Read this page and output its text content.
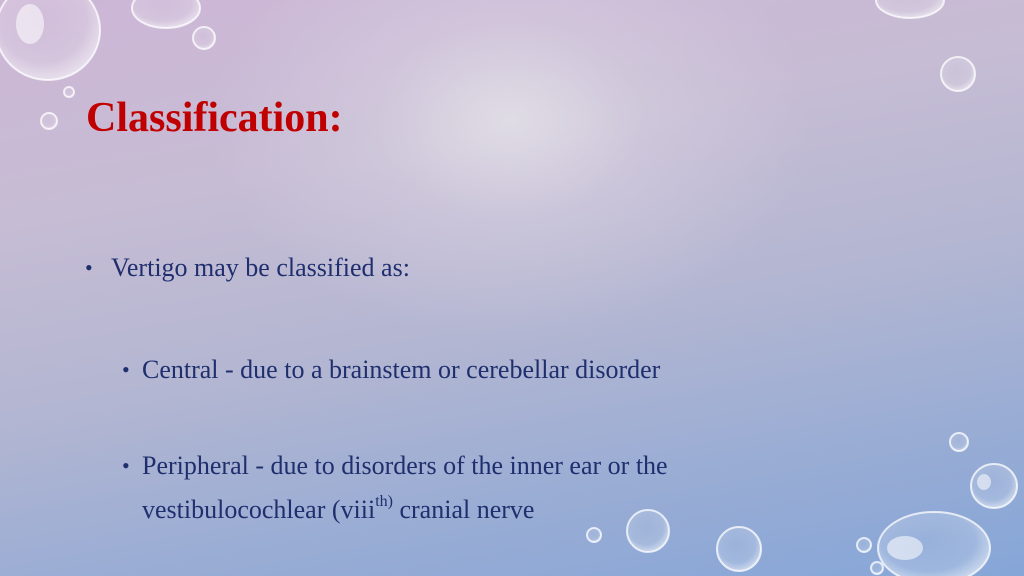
Classification:
• Vertigo may be classified as:
• Central - due to a brainstem or cerebellar disorder
• Peripheral - due to disorders of the inner ear or the
vestibulocochlear (viii$^{th)}$ cranial nerve
